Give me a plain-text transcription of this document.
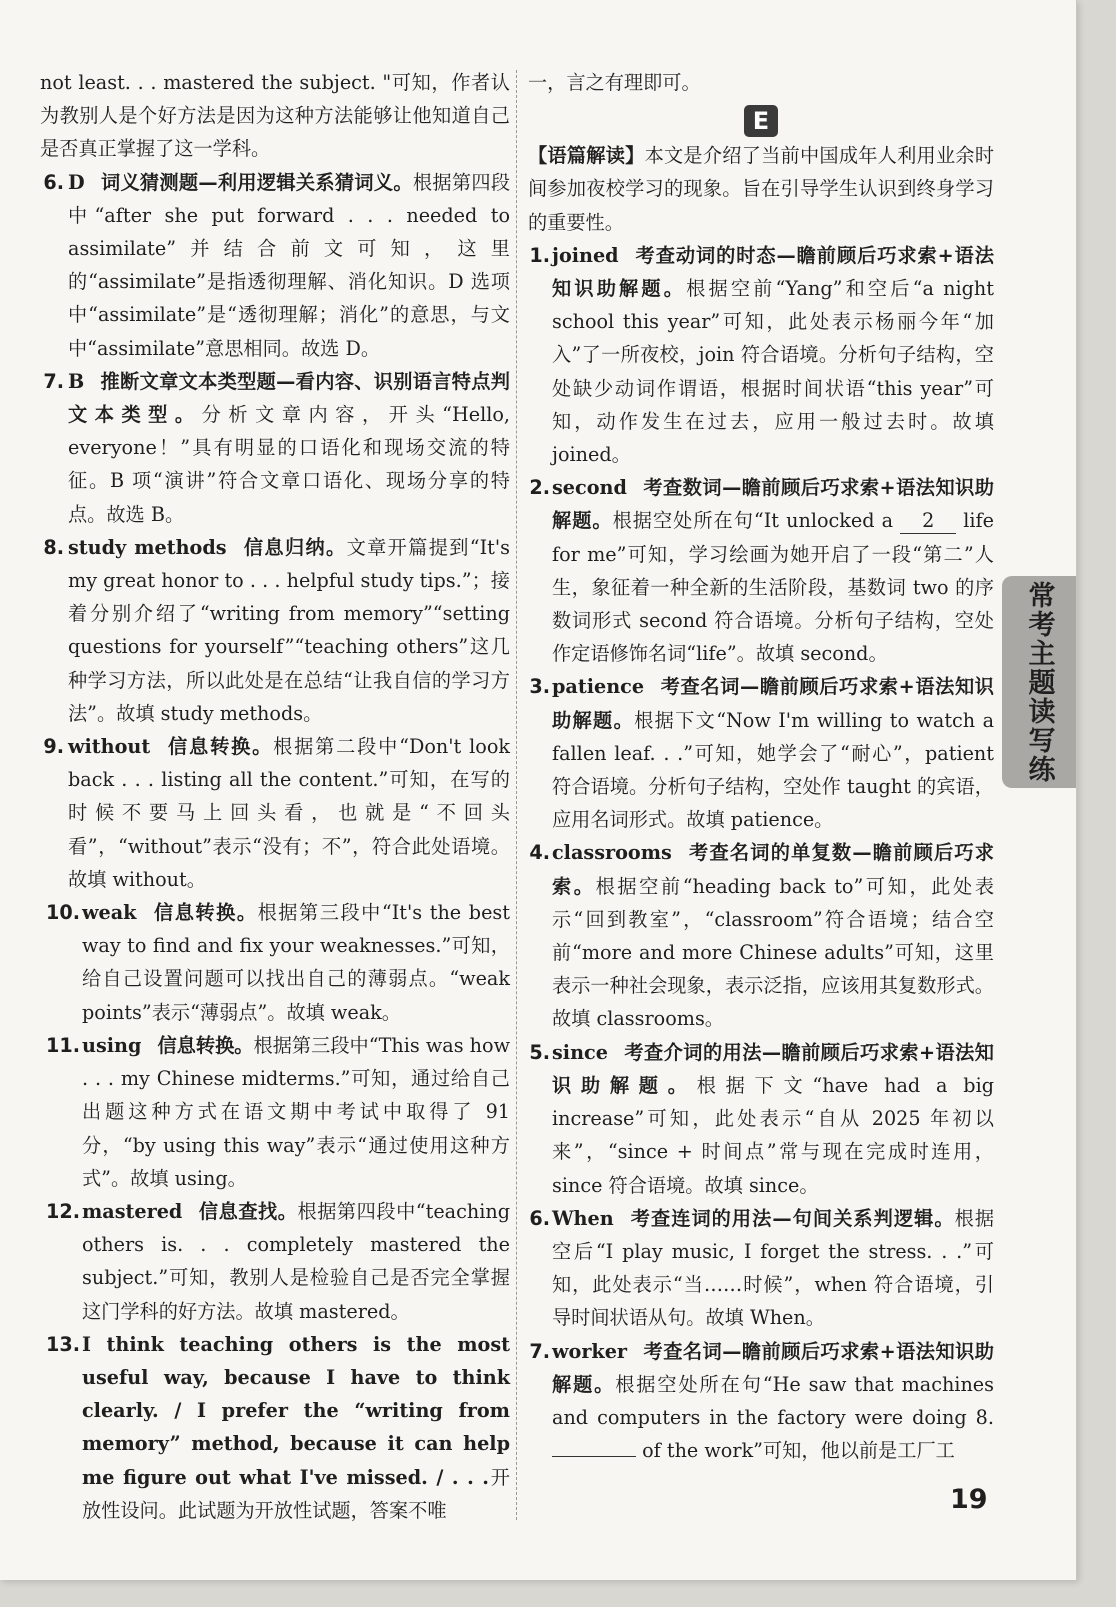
not least. . . mastered the subject. "可知，作者认为教别人是个好方法是因为这种方法能够让他知道自己是否真正掌握了这一学科。
6. D 词义猜测题—利用逻辑关系猜词义。根据第四段中“after she put forward . . . needed to assimilate”并结合前文可知，这里的“assimilate”是指透彻理解、消化知识。D 选项中“assimilate”是“透彻理解；消化”的意思，与文中“assimilate”意思相同。故选 D。
7. B 推断文章文本类型题—看内容、识别语言特点判文本类型。分析文章内容，开头“Hello, everyone！”具有明显的口语化和现场交流的特征。B 项“演讲”符合文章口语化、现场分享的特点。故选 B。
8. study methods 信息归纳。文章开篇提到“It's my great honor to . . . helpful study tips.”；接着分别介绍了“writing from memory”“setting questions for yourself”“teaching others”这几种学习方法，所以此处是在总结“让我自信的学习方法”。故填 study methods。
9. without 信息转换。根据第二段中“Don't look back . . . listing all the content.”可知，在写的时候不要马上回头看，也就是“不回头看”，“without”表示“没有；不”，符合此处语境。故填 without。
10. weak 信息转换。根据第三段中“It's the best way to find and fix your weaknesses.”可知，给自己设置问题可以找出自己的薄弱点。“weak points”表示“薄弱点”。故填 weak。
11. using 信息转换。根据第三段中“This was how . . . my Chinese midterms.”可知，通过给自己出题这种方式在语文期中考试中取得了 91 分，“by using this way”表示“通过使用这种方式”。故填 using。
12. mastered 信息查找。根据第四段中“teaching others is. . . completely mastered the subject.”可知，教别人是检验自己是否完全掌握这门学科的好方法。故填 mastered。
13. I think teaching others is the most useful way, because I have to think clearly. / I prefer the “writing from memory” method, because it can help me figure out what I've missed. / . . .开放性设问。此试题为开放性试题，答案不唯
一，言之有理即可。
E
【语篇解读】本文是介绍了当前中国成年人利用业余时间参加夜校学习的现象。旨在引导学生认识到终身学习的重要性。
1. joined 考查动词的时态—瞻前顾后巧求索+语法知识助解题。根据空前“Yang”和空后“a night school this year”可知，此处表示杨丽今年“加入”了一所夜校，join 符合语境。分析句子结构，空处缺少动词作谓语，根据时间状语“this year”可知，动作发生在过去，应用一般过去时。故填 joined。
2. second 考查数词—瞻前顾后巧求索+语法知识助解题。根据空处所在句“It unlocked a 2 life for me”可知，学习绘画为她开启了一段“第二”人生，象征着一种全新的生活阶段，基数词 two 的序数词形式 second 符合语境。分析句子结构，空处作定语修饰名词“life”。故填 second。
3. patience 考查名词—瞻前顾后巧求索+语法知识助解题。根据下文“Now I'm willing to watch a fallen leaf. . .”可知，她学会了“耐心”，patient 符合语境。分析句子结构，空处作 taught 的宾语，应用名词形式。故填 patience。
4. classrooms 考查名词的单复数—瞻前顾后巧求索。根据空前“heading back to”可知，此处表示“回到教室”，“classroom”符合语境；结合空前“more and more Chinese adults”可知，这里表示一种社会现象，表示泛指，应该用其复数形式。故填 classrooms。
5. since 考查介词的用法—瞻前顾后巧求索+语法知识助解题。根据下文“have had a big increase”可知，此处表示“自从 2025 年初以来”，“since + 时间点”常与现在完成时连用，since 符合语境。故填 since。
6. When 考查连词的用法—句间关系判逻辑。根据空后“I play music, I forget the stress. . .”可知，此处表示“当……时候”，when 符合语境，引导时间状语从句。故填 When。
7. worker 考查名词—瞻前顾后巧求索+语法知识助解题。根据空处所在句“He saw that machines and computers in the factory were doing 8.  of the work”可知，他以前是工厂工
常考主题读写练
19
